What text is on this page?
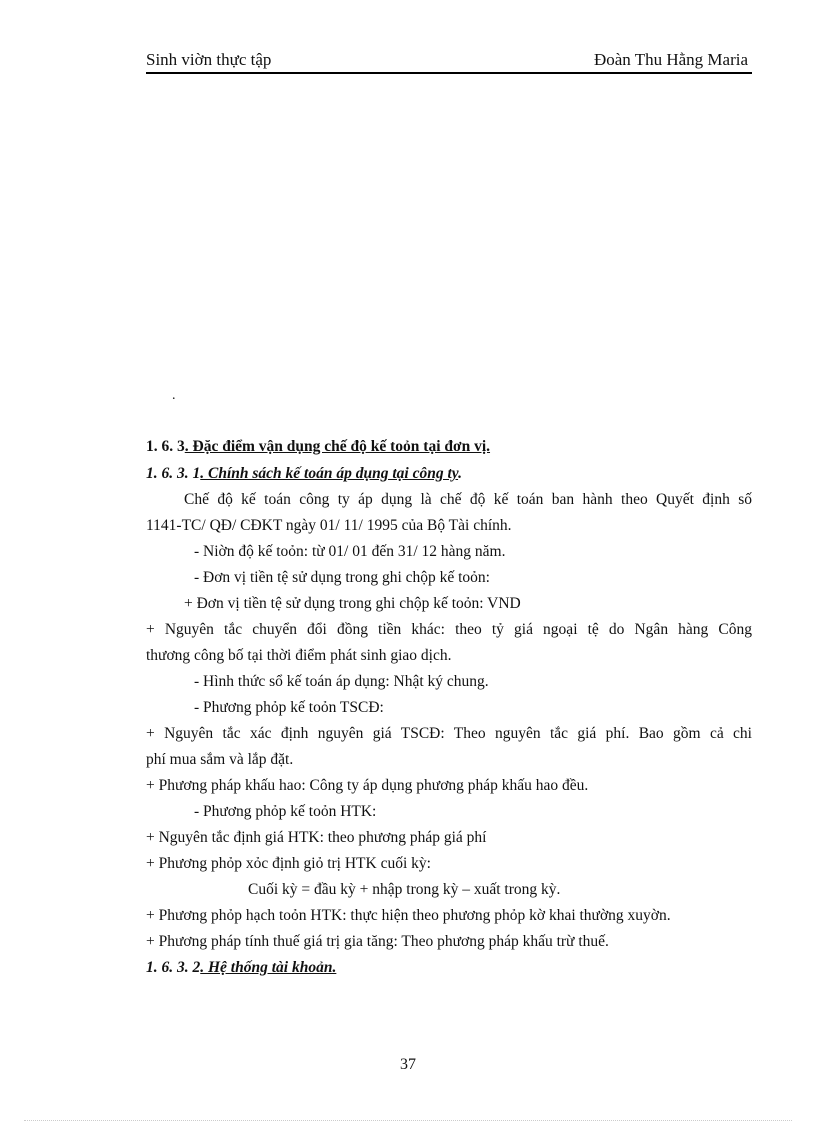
Sinh viờn thực tập	Đoàn Thu Hằng Maria
.
1. 6. 3. Đặc điểm vận dụng chế độ kế toỏn tại đơn vị.
1. 6. 3. 1. Chính sách kế toán áp dụng tại công ty.
Chế độ kế toán công ty áp dụng là chế độ kế toán ban hành theo Quyết định số
1141-TC/ QĐ/ CĐKT ngày 01/ 11/ 1995 của Bộ Tài chính.
- Niờn độ kế toỏn: từ 01/ 01 đến 31/ 12 hàng năm.
- Đơn vị tiền tệ sử dụng trong ghi chộp kế toỏn:
+ Đơn vị tiền tệ sử dụng trong ghi chộp kế toỏn: VND
+ Nguyên tắc chuyển đổi đồng tiền khác: theo tỷ giá ngoại tệ do Ngân hàng Công
thương công bố tại thời điểm phát sinh giao dịch.
- Hình thức sổ kế toán áp dụng: Nhật ký chung.
- Phương phỏp kế toỏn TSCĐ:
+ Nguyên tắc xác định nguyên giá TSCĐ: Theo nguyên tắc giá phí. Bao gồm cả chi
phí mua sắm và lắp đặt.
+ Phương pháp khấu hao: Công ty áp dụng phương pháp khấu hao đều.
- Phương phỏp kế toỏn HTK:
+ Nguyên tắc định giá HTK: theo phương pháp giá phí
+ Phương phỏp xỏc định giỏ trị HTK cuối kỳ:
Cuối kỳ = đầu kỳ + nhập trong kỳ – xuất trong kỳ.
+ Phương phỏp hạch toỏn HTK: thực hiện theo phương phỏp kờ khai thường xuyờn.
+ Phương pháp tính thuế giá trị gia tăng: Theo phương pháp khấu trừ thuế.
1. 6. 3. 2. Hệ thống tài khoản.
37
